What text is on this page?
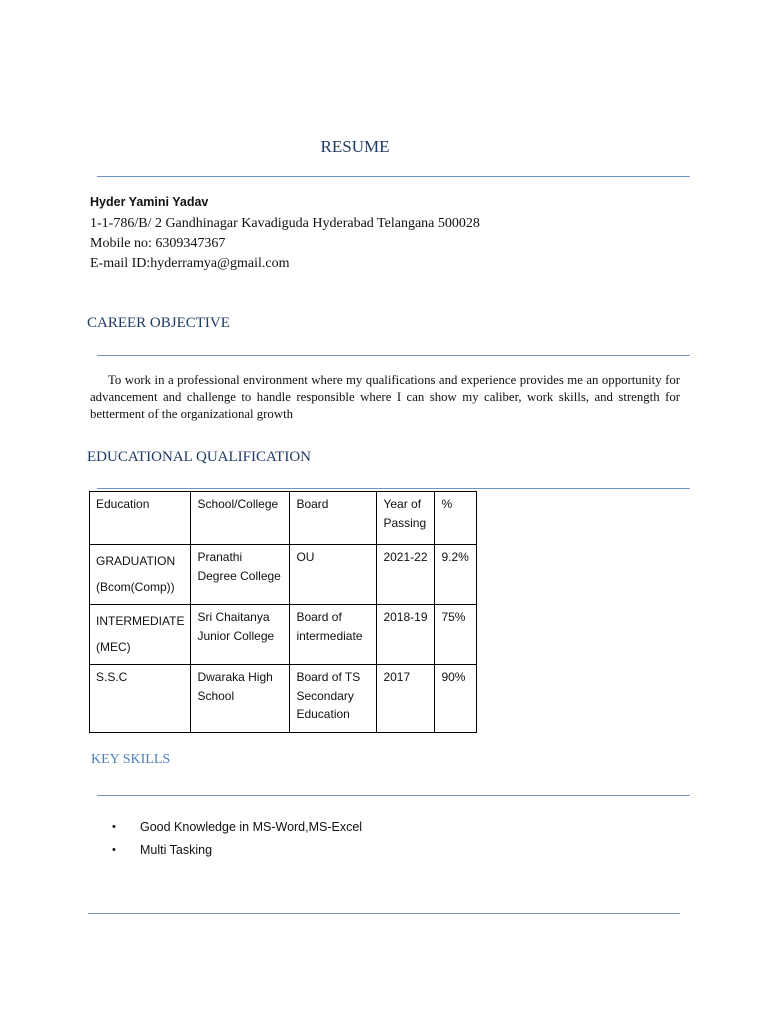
RESUME
Hyder Yamini Yadav
1-1-786/B/ 2 Gandhinagar Kavadiguda Hyderabad Telangana 500028
Mobile no: 6309347367
E-mail ID:hyderramya@gmail.com
CAREER OBJECTIVE
To work in a professional environment where my qualifications and experience provides me an opportunity for advancement and challenge to handle responsible where I can show my caliber, work skills, and strength for betterment of the organizational growth
EDUCATIONAL QUALIFICATION
Education	School/College	Board	Year of Passing	%
GRADUATION (Bcom(Comp))	Pranathi Degree College	OU	2021-22	9.2%
INTERMEDIATE (MEC)	Sri Chaitanya Junior College	Board of intermediate	2018-19	75%
S.S.C	Dwaraka High School	Board of TS Secondary Education	2017	90%
KEY SKILLS
• Good Knowledge in MS-Word,MS-Excel
• Multi Tasking
